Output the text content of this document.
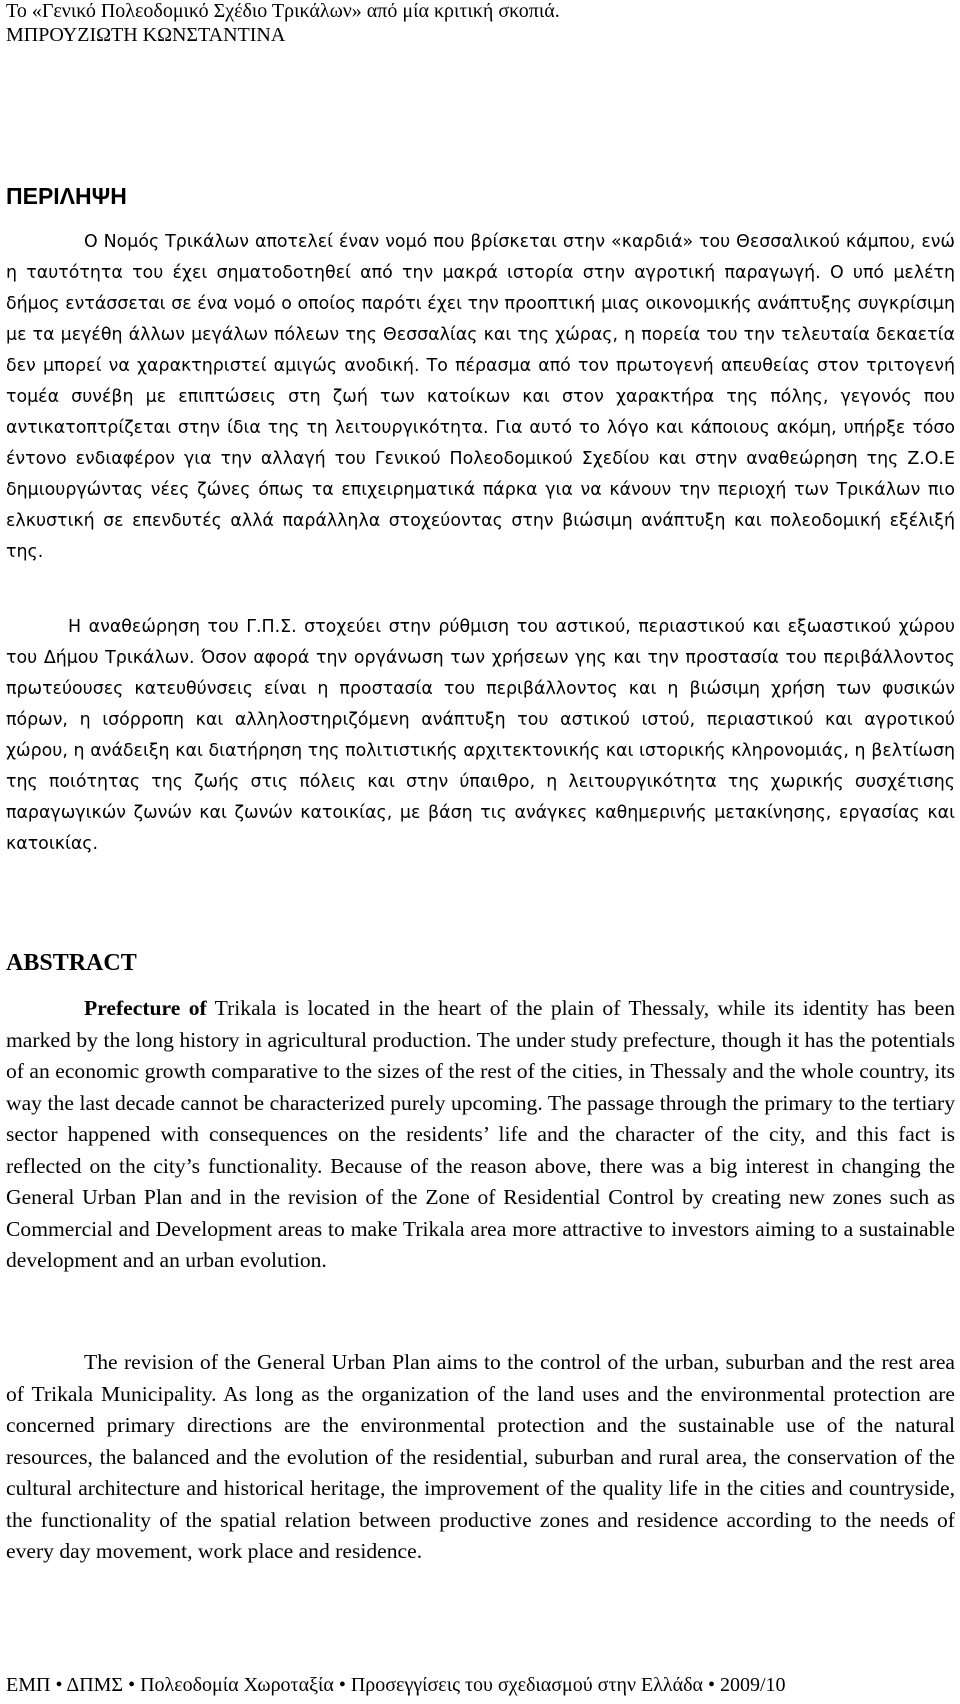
Το «Γενικό Πολεοδομικό Σχέδιο Τρικάλων» από μία κριτική σκοπιά.

ΜΠΡΟΥΖΙΩΤΗ ΚΩΝΣΤΑΝΤΙΝΑ

ΠΕΡΙΛΗΨΗ

Ο Νομός Τρικάλων αποτελεί έναν νομό που βρίσκεται στην «καρδιά» του Θεσσαλικού κάμπου, ενώ η ταυτότητα του έχει σηματοδοτηθεί από την μακρά ιστορία στην αγροτική παραγωγή. Ο υπό μελέτη δήμος εντάσσεται σε ένα νομό ο οποίος παρότι έχει την προοπτική μιας οικονομικής ανάπτυξης συγκρίσιμη με τα μεγέθη άλλων μεγάλων πόλεων της Θεσσαλίας και της χώρας, η πορεία του την τελευταία δεκαετία δεν μπορεί να χαρακτηριστεί αμιγώς ανοδική. Το πέρασμα από τον πρωτογενή απευθείας στον τριτογενή τομέα συνέβη με επιπτώσεις στη ζωή των κατοίκων και στον χαρακτήρα της πόλης, γεγονός που αντικατοπτρίζεται στην ίδια της τη λειτουργικότητα. Για αυτό το λόγο και κάποιους ακόμη, υπήρξε τόσο έντονο ενδιαφέρον για την αλλαγή του Γενικού Πολεοδομικού Σχεδίου και στην αναθεώρηση της Ζ.Ο.Ε δημιουργώντας νέες ζώνες όπως τα επιχειρηματικά πάρκα για να κάνουν την περιοχή των Τρικάλων πιο ελκυστική σε επενδυτές αλλά παράλληλα στοχεύοντας στην βιώσιμη ανάπτυξη και πολεοδομική εξέλιξή της.

Η αναθεώρηση του Γ.Π.Σ. στοχεύει στην ρύθμιση του αστικού, περιαστικού και εξωαστικού χώρου του Δήμου Τρικάλων. Όσον αφορά την οργάνωση των χρήσεων γης και την προστασία του περιβάλλοντος πρωτεύουσες κατευθύνσεις είναι η προστασία του περιβάλλοντος και η βιώσιμη χρήση των φυσικών πόρων, η ισόρροπη και αλληλοστηριζόμενη ανάπτυξη του αστικού ιστού, περιαστικού και αγροτικού χώρου, η ανάδειξη και διατήρηση της πολιτιστικής αρχιτεκτονικής και ιστορικής κληρονομιάς, η βελτίωση της ποιότητας της ζωής στις πόλεις και στην ύπαιθρο, η λειτουργικότητα της χωρικής συσχέτισης παραγωγικών ζωνών και ζωνών κατοικίας, με βάση τις ανάγκες καθημερινής μετακίνησης, εργασίας και κατοικίας.

ABSTRACT

Prefecture of Trikala is located in the heart of the plain of Thessaly, while its identity has been marked by the long history in agricultural production. The under study prefecture, though it has the potentials of an economic growth comparative to the sizes of the rest of the cities, in Thessaly and the whole country, its way the last decade cannot be characterized purely upcoming. The passage through the primary to the tertiary sector happened with consequences on the residents’ life and the character of the city, and this fact is reflected on the city’s functionality. Because of the reason above, there was a big interest in changing the General Urban Plan and in the revision of the Zone of Residential Control by creating new zones such as Commercial and Development areas to make Trikala area more attractive to investors aiming to a sustainable development and an urban evolution.

The revision of the General Urban Plan aims to the control of the urban, suburban and the rest area of Trikala Municipality. As long as the organization of the land uses and the environmental protection are concerned primary directions are the environmental protection and the sustainable use of the natural resources, the balanced and the evolution of the residential, suburban and rural area, the conservation of the cultural architecture and historical heritage, the improvement of the quality life in the cities and countryside, the functionality of the spatial relation between productive zones and residence according to the needs of every day movement, work place and residence.

ΕΜΠ • ΔΠΜΣ • Πολεοδομία Χωροταξία • Προσεγγίσεις του σχεδιασμού στην Ελλάδα • 2009/10
